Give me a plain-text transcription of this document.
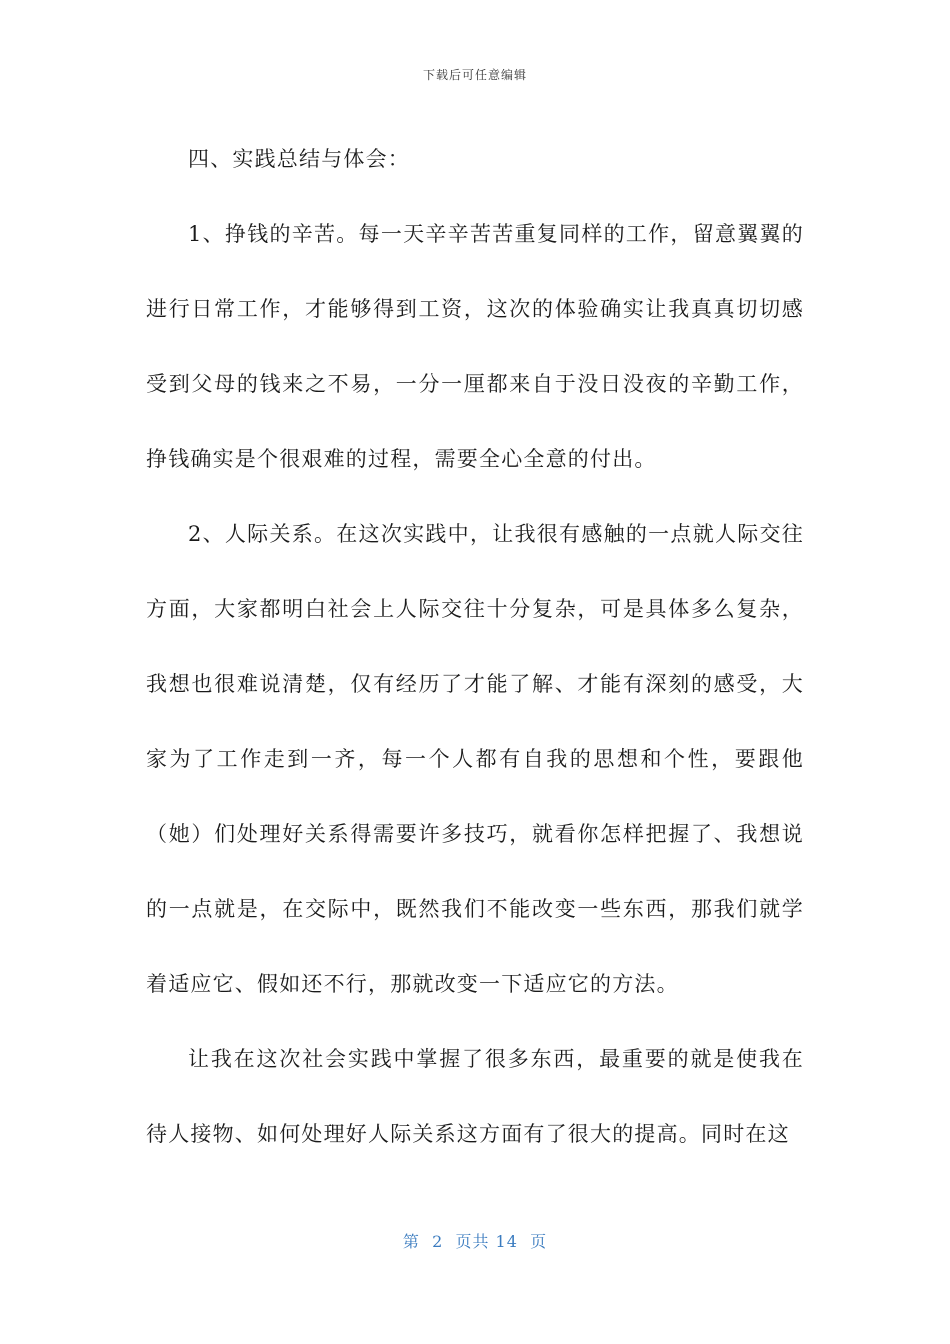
下载后可任意编辑

四、实践总结与体会：

1、挣钱的辛苦。每一天辛辛苦苦重复同样的工作，留意翼翼的进行日常工作，才能够得到工资，这次的体验确实让我真真切切感受到父母的钱来之不易，一分一厘都来自于没日没夜的辛勤工作，挣钱确实是个很艰难的过程，需要全心全意的付出。

2、人际关系。在这次实践中，让我很有感触的一点就人际交往方面，大家都明白社会上人际交往十分复杂，可是具体多么复杂，我想也很难说清楚，仅有经历了才能了解、才能有深刻的感受，大家为了工作走到一齐，每一个人都有自我的思想和个性，要跟他（她）们处理好关系得需要许多技巧，就看你怎样把握了、我想说的一点就是，在交际中，既然我们不能改变一些东西，那我们就学着适应它、假如还不行，那就改变一下适应它的方法。

让我在这次社会实践中掌握了很多东西，最重要的就是使我在待人接物、如何处理好人际关系这方面有了很大的提高。同时在这

第  2  页共 14  页
